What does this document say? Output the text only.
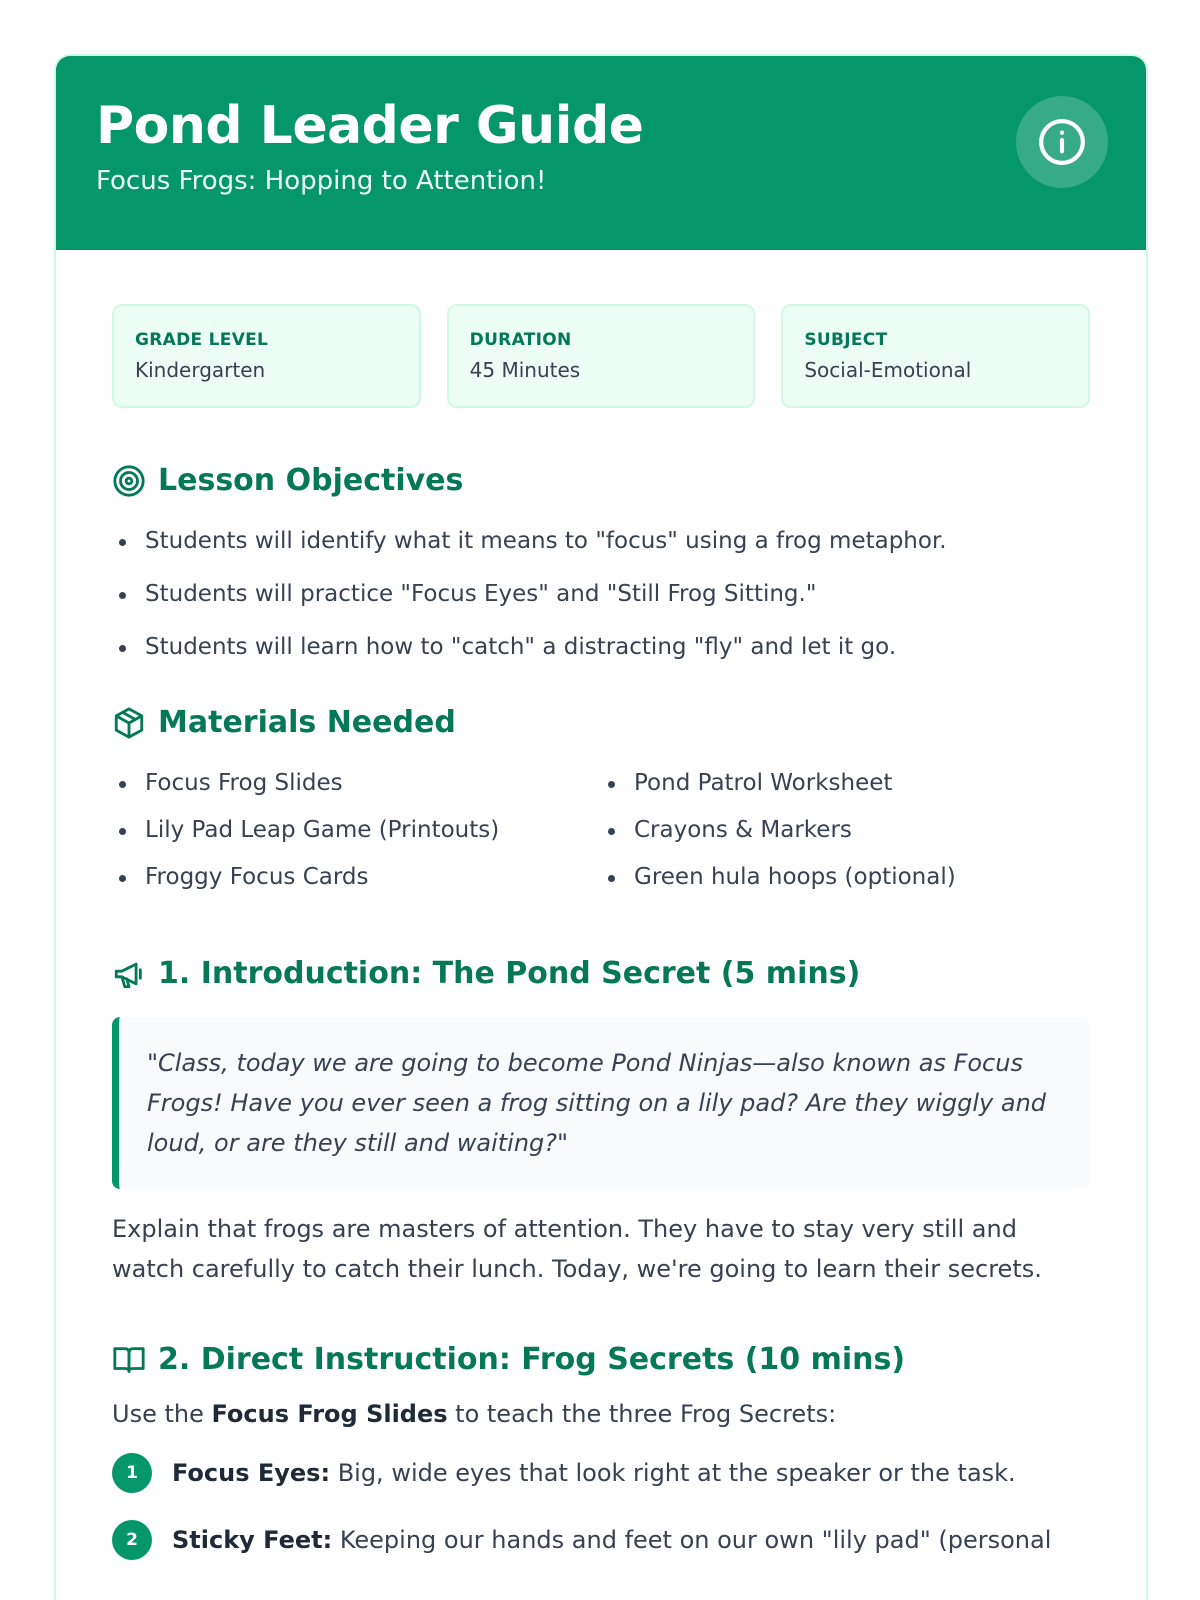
Pond Leader Guide
Focus Frogs: Hopping to Attention!
GRADE LEVEL
Kindergarten
DURATION
45 Minutes
SUBJECT
Social-Emotional
Lesson Objectives
Students will identify what it means to "focus" using a frog metaphor.
Students will practice "Focus Eyes" and "Still Frog Sitting."
Students will learn how to "catch" a distracting "fly" and let it go.
Materials Needed
Focus Frog Slides
Lily Pad Leap Game (Printouts)
Froggy Focus Cards
Pond Patrol Worksheet
Crayons & Markers
Green hula hoops (optional)
1. Introduction: The Pond Secret (5 mins)
"Class, today we are going to become Pond Ninjas—also known as Focus Frogs! Have you ever seen a frog sitting on a lily pad? Are they wiggly and loud, or are they still and waiting?"

Explain that frogs are masters of attention. They have to stay very still and watch carefully to catch their lunch. Today, we're going to learn their secrets.

2. Direct Instruction: Frog Secrets (10 mins)

Use the Focus Frog Slides to teach the three Frog Secrets:

1	Focus Eyes: Big, wide eyes that look right at the speaker or the task.
2	Sticky Feet: Keeping our hands and feet on our own "lily pad" (personal
